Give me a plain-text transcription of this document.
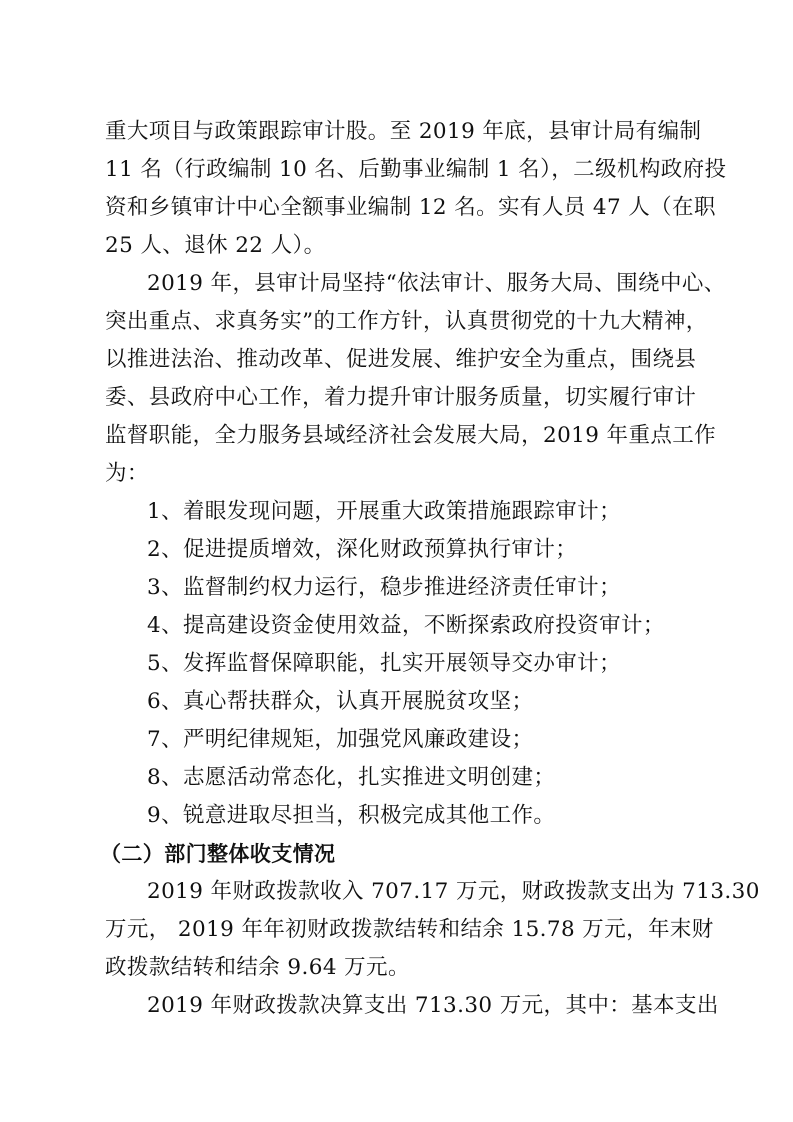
重大项目与政策跟踪审计股。至 2019 年底，县审计局有编制
11 名（行政编制 10 名、后勤事业编制 1 名），二级机构政府投
资和乡镇审计中心全额事业编制 12 名。实有人员 47 人（在职
25 人、退休 22 人）。
2019 年，县审计局坚持“依法审计、服务大局、围绕中心、
突出重点、求真务实”的工作方针，认真贯彻党的十九大精神，
以推进法治、推动改革、促进发展、维护安全为重点，围绕县
委、县政府中心工作，着力提升审计服务质量，切实履行审计
监督职能，全力服务县域经济社会发展大局，2019 年重点工作
为：
1、着眼发现问题，开展重大政策措施跟踪审计；
2、促进提质增效，深化财政预算执行审计；
3、监督制约权力运行，稳步推进经济责任审计；
4、提高建设资金使用效益，不断探索政府投资审计；
5、发挥监督保障职能，扎实开展领导交办审计；
6、真心帮扶群众，认真开展脱贫攻坚；
7、严明纪律规矩，加强党风廉政建设；
8、志愿活动常态化，扎实推进文明创建；
9、锐意进取尽担当，积极完成其他工作。
（二）部门整体收支情况
2019 年财政拨款收入 707.17 万元，财政拨款支出为 713.30
万元， 2019 年年初财政拨款结转和结余 15.78 万元，年末财
政拨款结转和结余 9.64 万元。
2019 年财政拨款决算支出 713.30 万元，其中：基本支出
